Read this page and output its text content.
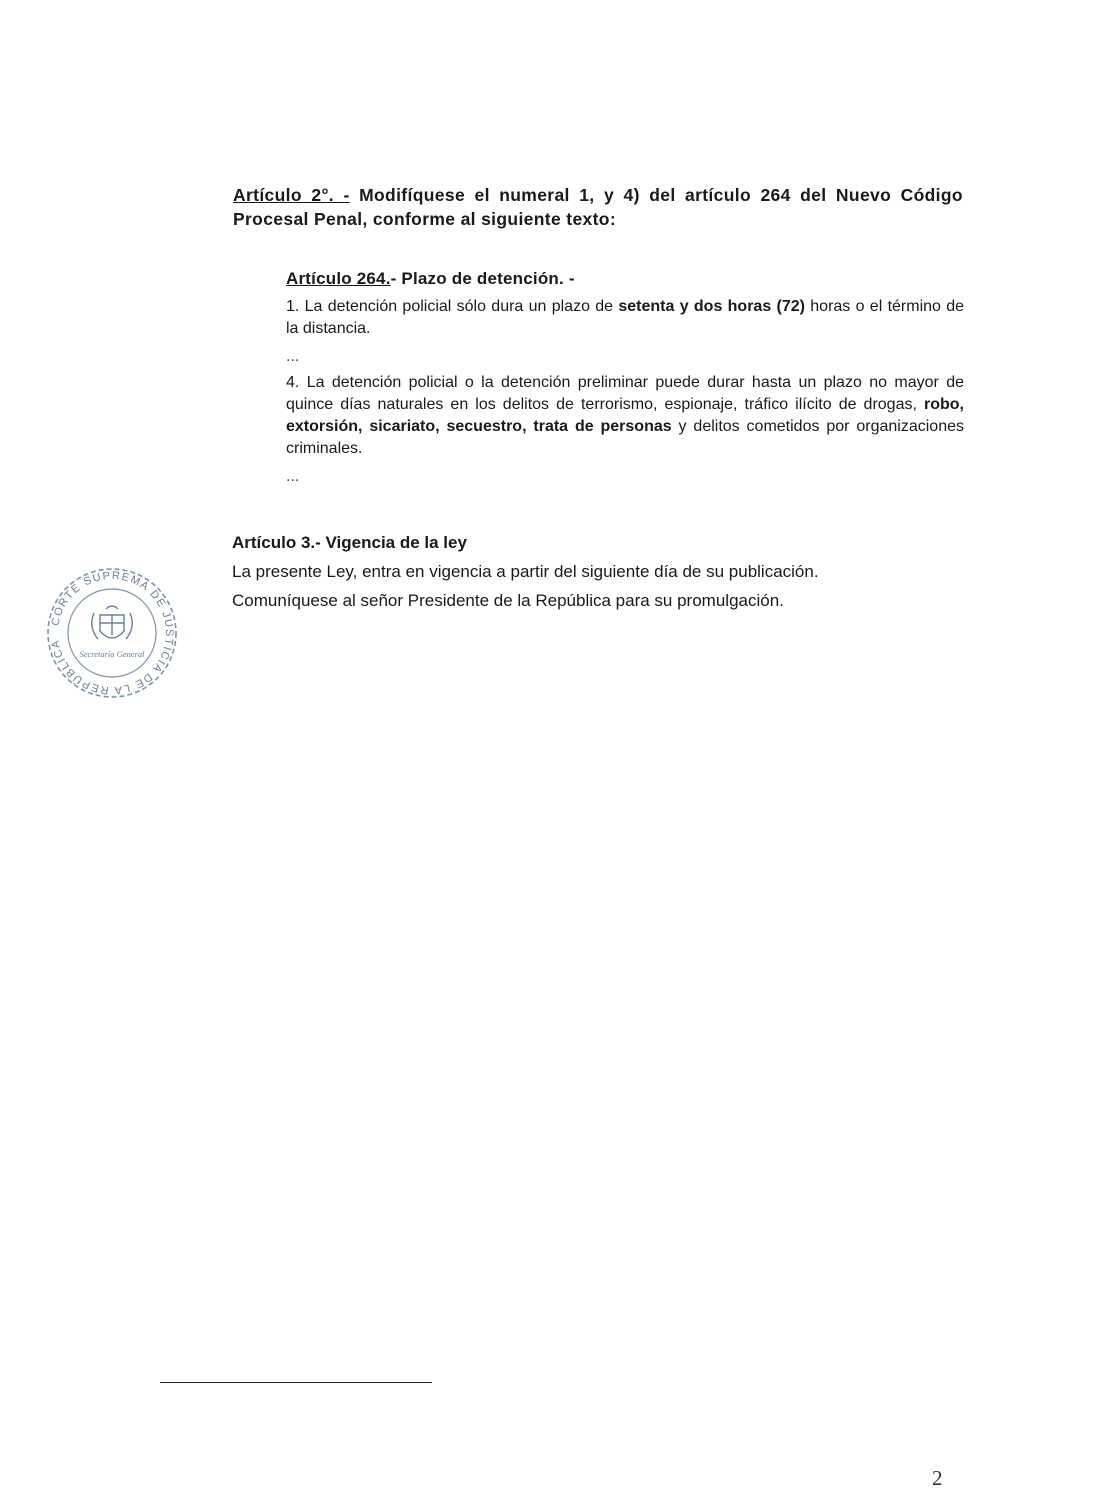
Artículo 2°. - Modifíquese el numeral 1, y 4) del artículo 264 del Nuevo Código Procesal Penal, conforme al siguiente texto:
Artículo 264.- Plazo de detención. -

1. La detención policial sólo dura un plazo de setenta y dos horas (72) horas o el término de la distancia.

...

4. La detención policial o la detención preliminar puede durar hasta un plazo no mayor de quince días naturales en los delitos de terrorismo, espionaje, tráfico ilícito de drogas, robo, extorsión, sicariato, secuestro, trata de personas y delitos cometidos por organizaciones criminales.

...
Artículo 3.- Vigencia de la ley

La presente Ley, entra en vigencia a partir del siguiente día de su publicación.

Comuníquese al señor Presidente de la República para su promulgación.

CORTE SUPREMA DE JUSTICIA DE LA REPÚBLICA
Secretaría General
2
